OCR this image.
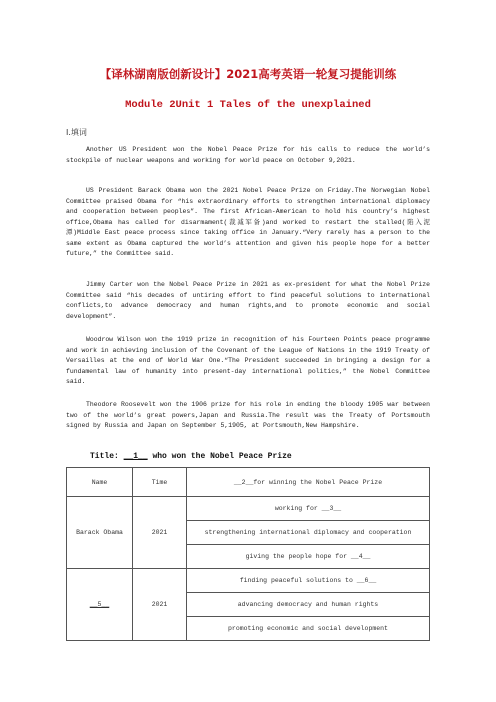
【译林湖南版创新设计】2021高考英语一轮复习提能训练
Module 2Unit 1 Tales of the unexplained
Ⅰ.填词

Another US President won the Nobel Peace Prize for his calls to reduce the world’s stockpile of nuclear weapons and working for world peace on October 9,2021.

US President Barack Obama won the 2021 Nobel Peace Prize on Friday.The Norwegian Nobel Committee praised Obama for “his extraordinary efforts to strengthen international diplomacy and cooperation between peoples”. The first African-American to hold his country’s highest office,Obama has called for disarmament(裁减军备)and worked to restart the stalled(陷入泥潭)Middle East peace process since taking office in January.“Very rarely has a person to the same extent as Obama captured the world’s attention and given his people hope for a better future,” the Committee said.

Jimmy Carter won the Nobel Peace Prize in 2021 as ex-president for what the Nobel Prize Committee said “his decades of untiring effort to find peaceful solutions to international conflicts,to advance democracy and human rights,and to promote economic and social development”.

Woodrow Wilson won the 1919 prize in recognition of his Fourteen Points peace programme and work in achieving inclusion of the Covenant of the League of Nations in the 1919 Treaty of Versailles at the end of World War One.“The President succeeded in bringing a design for a fundamental law of humanity into present-day international politics,” the Nobel Committee said.

Theodore Roosevelt won the 1906 prize for his role in ending the bloody 1905 war between two of the world’s great powers,Japan and Russia.The result was the Treaty of Portsmouth signed by Russia and Japan on September 5,1905, at Portsmouth,New Hampshire.

Title: __1__ who won the Nobel Peace Prize
Name	Time	__2__for winning the Nobel Peace Prize
Barack Obama	2021	working for __3__
		strengthening international diplomacy and cooperation
		giving the people hope for __4__
__5__	2021	finding peaceful solutions to __6__
		advancing democracy and human rights
		promoting economic and social development
